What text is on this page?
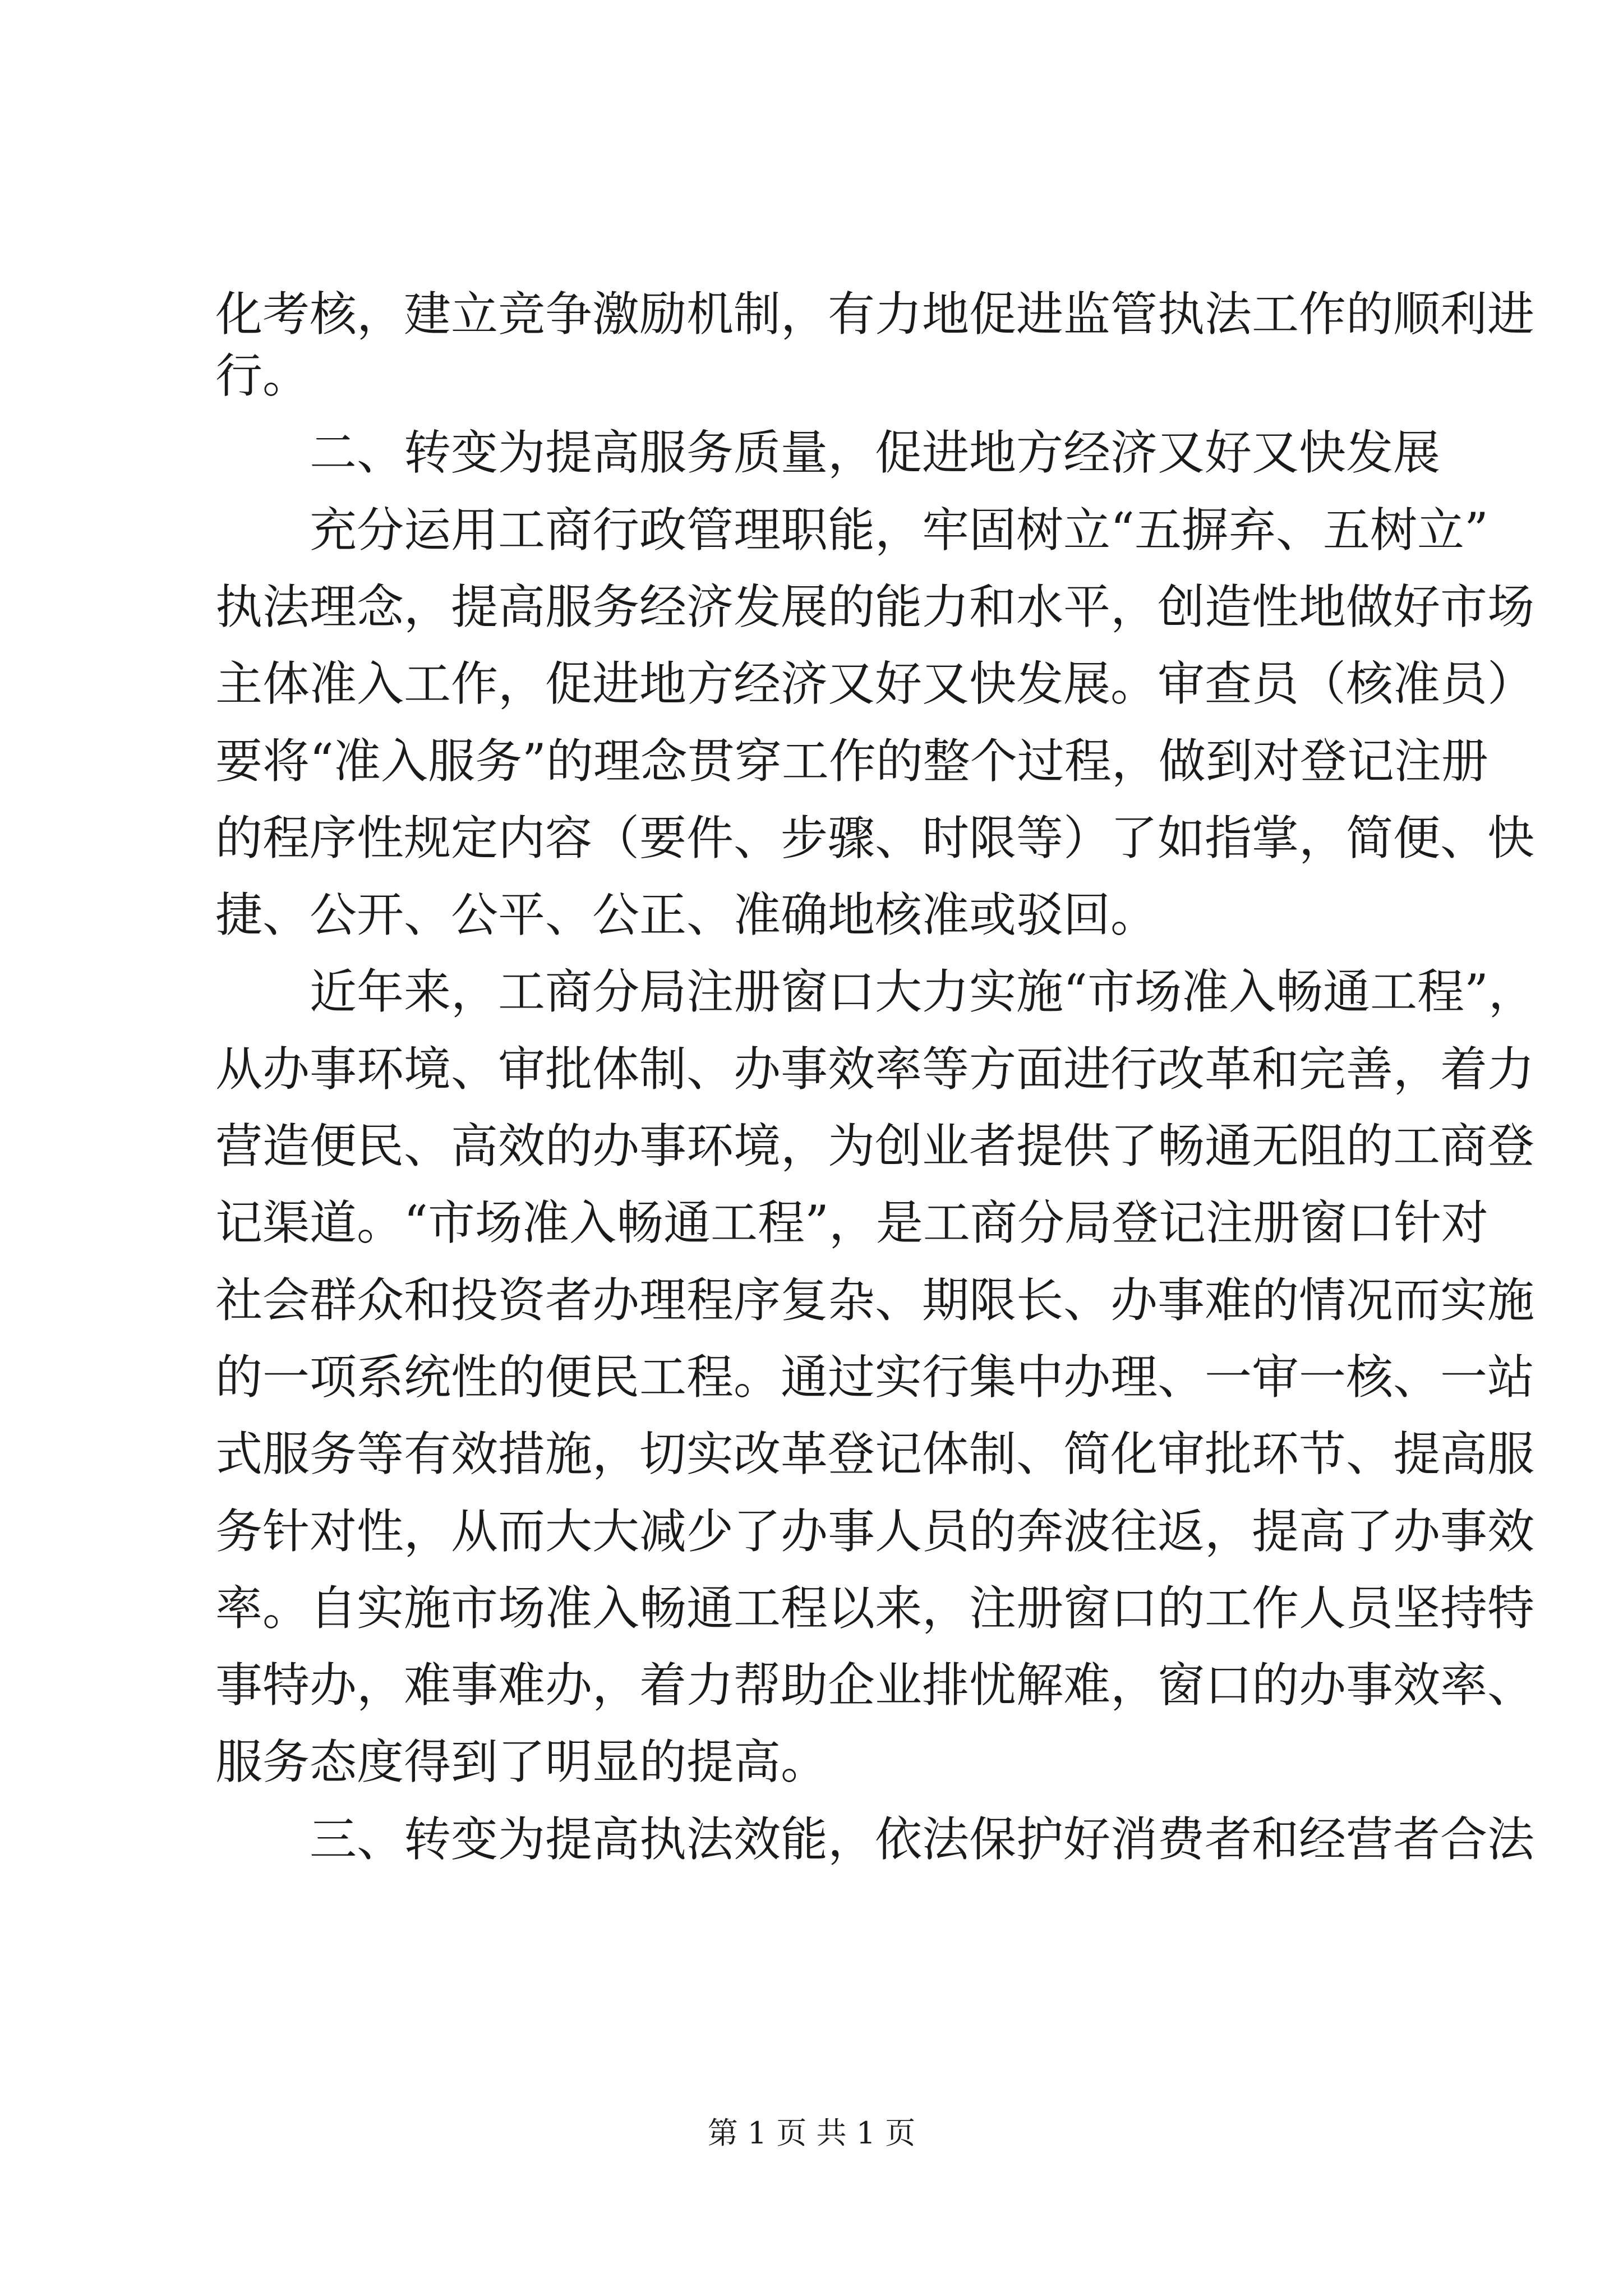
化考核，建立竞争激励机制，有力地促进监管执法工作的顺利进
行。
二、转变为提高服务质量，促进地方经济又好又快发展
充分运用工商行政管理职能，牢固树立“五摒弃、五树立”
执法理念，提高服务经济发展的能力和水平，创造性地做好市场
主体准入工作，促进地方经济又好又快发展。审查员（核准员）
要将“准入服务”的理念贯穿工作的整个过程，做到对登记注册
的程序性规定内容（要件、步骤、时限等）了如指掌，简便、快
捷、公开、公平、公正、准确地核准或驳回。
近年来，工商分局注册窗口大力实施“市场准入畅通工程”，
从办事环境、审批体制、办事效率等方面进行改革和完善，着力
营造便民、高效的办事环境，为创业者提供了畅通无阻的工商登
记渠道。“市场准入畅通工程”，是工商分局登记注册窗口针对
社会群众和投资者办理程序复杂、期限长、办事难的情况而实施
的一项系统性的便民工程。通过实行集中办理、一审一核、一站
式服务等有效措施，切实改革登记体制、简化审批环节、提高服
务针对性，从而大大减少了办事人员的奔波往返，提高了办事效
率。自实施市场准入畅通工程以来，注册窗口的工作人员坚持特
事特办，难事难办，着力帮助企业排忧解难，窗口的办事效率、
服务态度得到了明显的提高。
三、转变为提高执法效能，依法保护好消费者和经营者合法
第 1 页 共 1 页
